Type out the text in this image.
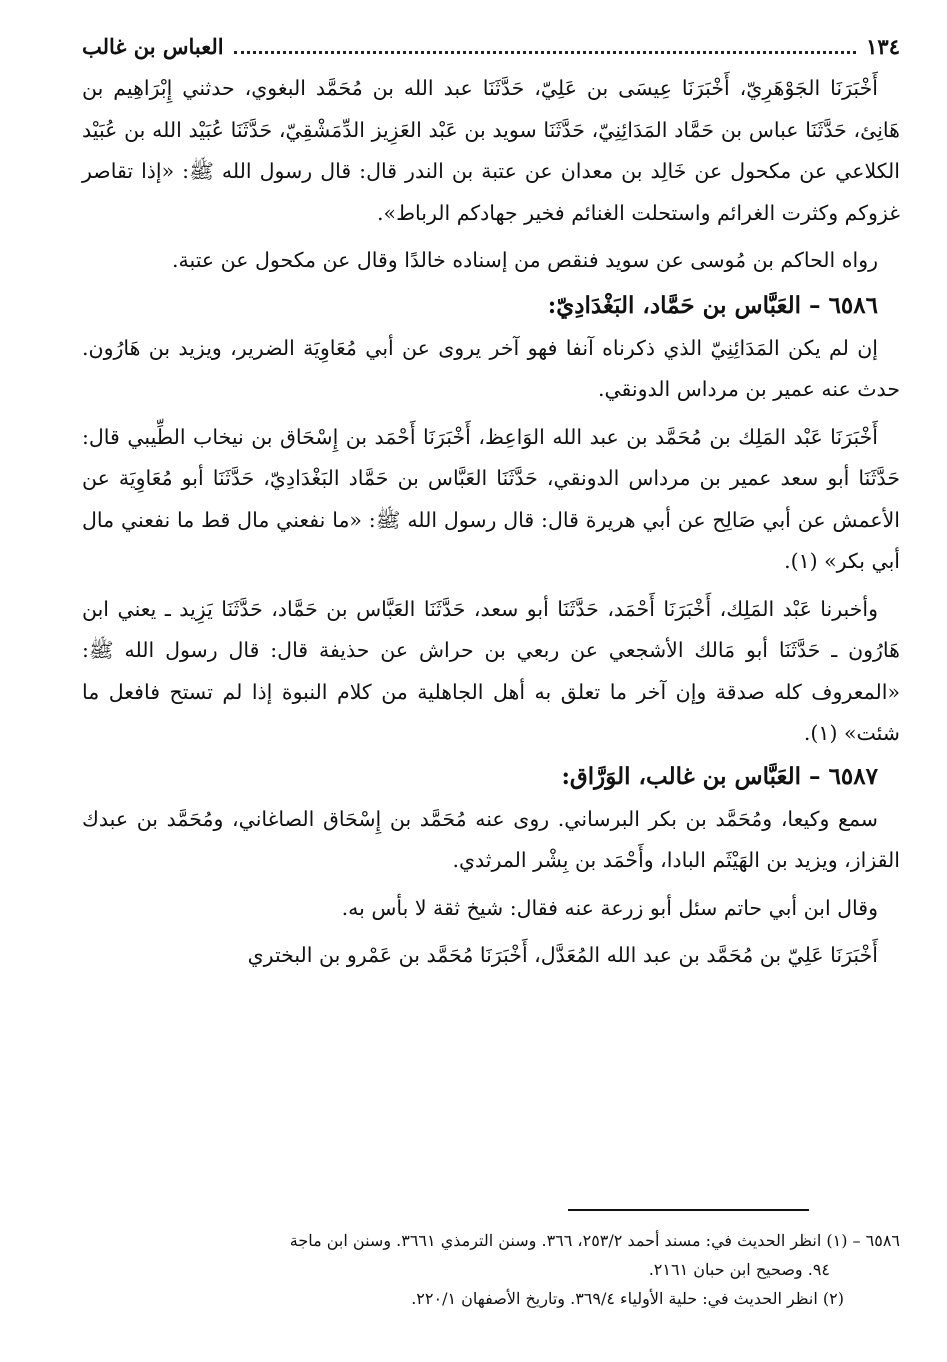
١٣٤
العباس بن غالب

أَخْبَرَنَا الجَوْهَرِيّ، أَخْبَرَنَا عِيسَى بن عَلِيّ، حَدَّثَنَا عبد الله بن مُحَمَّد البغوي، حدثني إِبْرَاهِيم بن هَانِئ، حَدَّثَنَا عباس بن حَمَّاد المَدَائِنِيّ، حَدَّثَنَا سويد بن عَبْد العَزِيز الدِّمَشْقِيّ، حَدَّثَنَا عُبَيْد الله بن عُبَيْد الكلاعي عن مكحول عن خَالِد بن معدان عن عتبة بن الندر قال: قال رسول الله ﷺ: «إذا تقاصر غزوكم وكثرت الغرائم واستحلت الغنائم فخير جهادكم الرباط».

رواه الحاكم بن مُوسى عن سويد فنقص من إسناده خالدًا وقال عن مكحول عن عتبة.

٦٥٨٦ – العَبَّاس بن حَمَّاد، البَغْدَادِيّ:

إن لم يكن المَدَائِنِيّ الذي ذكرناه آنفا فهو آخر يروى عن أبي مُعَاوِيَة الضرير، ويزيد بن هَارُون. حدث عنه عمير بن مرداس الدونقي.

أَخْبَرَنَا عَبْد المَلِك بن مُحَمَّد بن عبد الله الوَاعِظ، أَخْبَرَنَا أَحْمَد بن إِسْحَاق بن نيخاب الطِّيبي قال: حَدَّثَنَا أبو سعد عمير بن مرداس الدونقي، حَدَّثَنَا العَبَّاس بن حَمَّاد البَغْدَادِيّ، حَدَّثَنَا أبو مُعَاوِيَة عن الأعمش عن أبي صَالِح عن أبي هريرة قال: قال رسول الله ﷺ: «ما نفعني مال قط ما نفعني مال أبي بكر» (١).

وأخبرنا عَبْد المَلِك، أَخْبَرَنَا أَحْمَد، حَدَّثَنَا أبو سعد، حَدَّثَنَا العَبَّاس بن حَمَّاد، حَدَّثَنَا يَزِيد ـ يعني ابن هَارُون ـ حَدَّثَنَا أبو مَالك الأشجعي عن ربعي بن حراش عن حذيفة قال: قال رسول الله ﷺ: «المعروف كله صدقة وإن آخر ما تعلق به أهل الجاهلية من كلام النبوة إذا لم تستح فافعل ما شئت» (١).

٦٥٨٧ – العَبَّاس بن غالب، الوَرَّاق:

سمع وكيعا، ومُحَمَّد بن بكر البرساني. روى عنه مُحَمَّد بن إِسْحَاق الصاغاني، ومُحَمَّد بن عبدك القزاز، ويزيد بن الهَيْثَم البادا، وأَحْمَد بن بِشْر المرثدي.

وقال ابن أبي حاتم سئل أبو زرعة عنه فقال: شيخ ثقة لا بأس به.

أَخْبَرَنَا عَلِيّ بن مُحَمَّد بن عبد الله المُعَدَّل، أَخْبَرَنَا مُحَمَّد بن عَمْرو بن البختري

٦٥٨٦ – (١) انظر الحديث في: مسند أحمد ٢٥٣/٢، ٣٦٦. وسنن الترمذي ٣٦٦١. وسنن ابن ماجة

٩٤. وصحيح ابن حبان ٢١٦١.

(٢) انظر الحديث في: حلية الأولياء ٣٦٩/٤. وتاريخ الأصفهان ٢٢٠/١.
